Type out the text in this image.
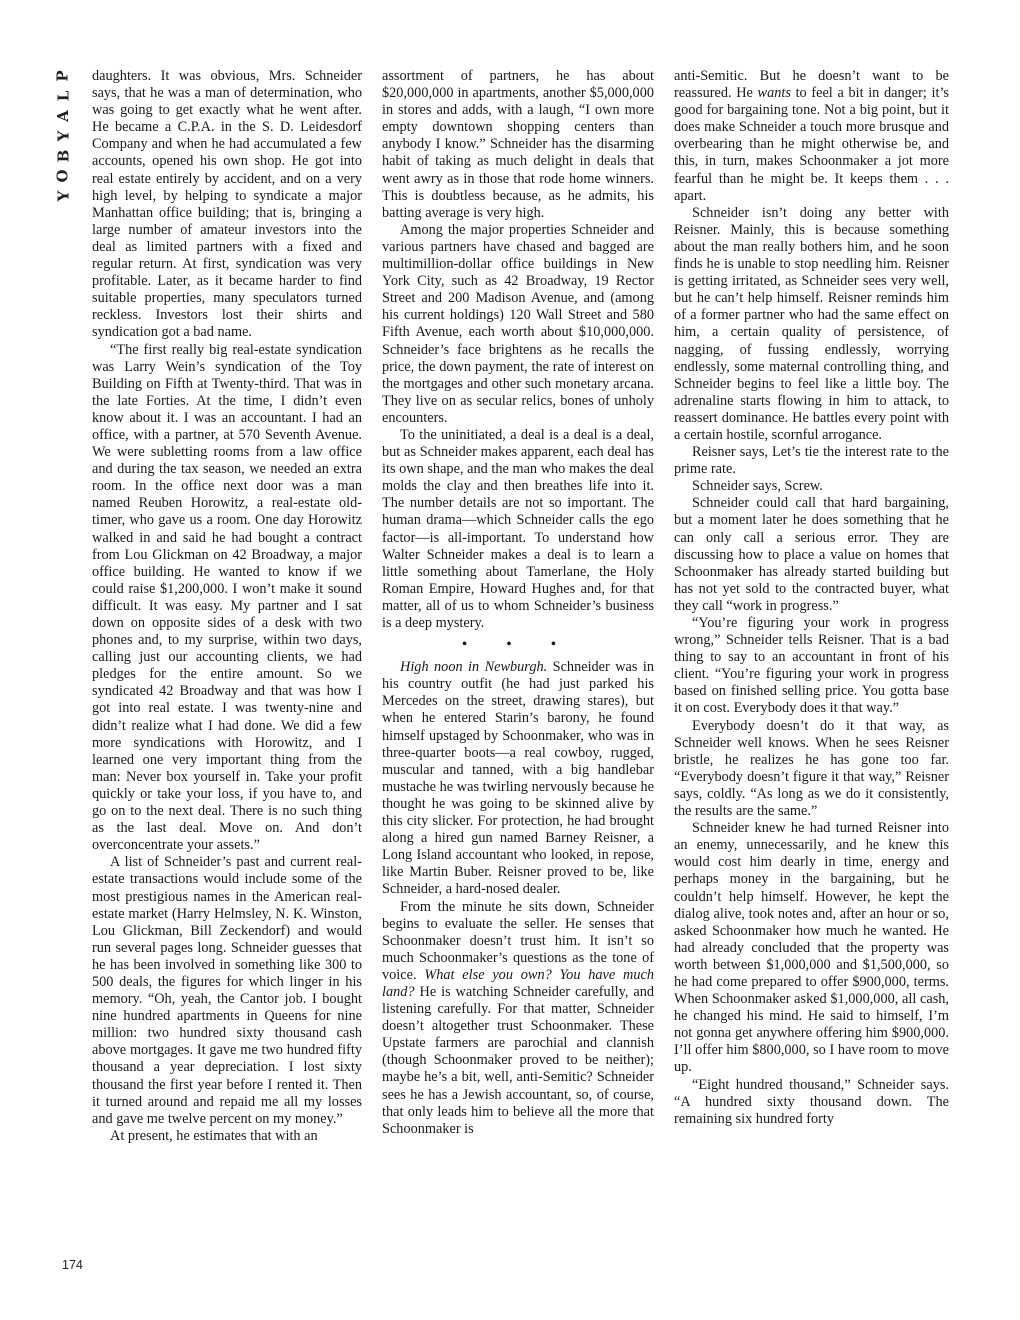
P
L
A
Y
B
O
Y

daughters. It was obvious, Mrs. Schneider says, that he was a man of determination, who was going to get exactly what he went after. He became a C.P.A. in the S. D. Leidesdorf Company and when he had accumulated a few accounts, opened his own shop. He got into real estate entirely by accident, and on a very high level, by helping to syndicate a major Manhattan office building; that is, bringing a large number of amateur investors into the deal as limited partners with a fixed and regular return. At first, syndication was very profitable. Later, as it became harder to find suitable properties, many speculators turned reckless. Investors lost their shirts and syndication got a bad name.

“The first really big real-estate syndication was Larry Wein’s syndication of the Toy Building on Fifth at Twenty-third. That was in the late Forties. At the time, I didn’t even know about it. I was an accountant. I had an office, with a partner, at 570 Seventh Avenue. We were subletting rooms from a law office and during the tax season, we needed an extra room. In the office next door was a man named Reuben Horowitz, a real-estate old-timer, who gave us a room. One day Horowitz walked in and said he had bought a contract from Lou Glickman on 42 Broadway, a major office building. He wanted to know if we could raise $1,200,000. I won’t make it sound difficult. It was easy. My partner and I sat down on opposite sides of a desk with two phones and, to my surprise, within two days, calling just our accounting clients, we had pledges for the entire amount. So we syndicated 42 Broadway and that was how I got into real estate. I was twenty-nine and didn’t realize what I had done. We did a few more syndications with Horowitz, and I learned one very important thing from the man: Never box yourself in. Take your profit quickly or take your loss, if you have to, and go on to the next deal. There is no such thing as the last deal. Move on. And don’t overconcentrate your assets.”

A list of Schneider’s past and current real-estate transactions would include some of the most prestigious names in the American real-estate market (Harry Helmsley, N. K. Winston, Lou Glickman, Bill Zeckendorf) and would run several pages long. Schneider guesses that he has been involved in something like 300 to 500 deals, the figures for which linger in his memory. “Oh, yeah, the Cantor job. I bought nine hundred apartments in Queens for nine million: two hundred sixty thousand cash above mortgages. It gave me two hundred fifty thousand a year depreciation. I lost sixty thousand the first year before I rented it. Then it turned around and repaid me all my losses and gave me twelve percent on my money.”

At present, he estimates that with an

assortment of partners, he has about $20,000,000 in apartments, another $5,000,000 in stores and adds, with a laugh, “I own more empty downtown shopping centers than anybody I know.” Schneider has the disarming habit of taking as much delight in deals that went awry as in those that rode home winners. This is doubtless because, as he admits, his batting average is very high.

Among the major properties Schneider and various partners have chased and bagged are multimillion-dollar office buildings in New York City, such as 42 Broadway, 19 Rector Street and 200 Madison Avenue, and (among his current holdings) 120 Wall Street and 580 Fifth Avenue, each worth about $10,000,000. Schneider’s face brightens as he recalls the price, the down payment, the rate of interest on the mortgages and other such monetary arcana. They live on as secular relics, bones of unholy encounters.

To the uninitiated, a deal is a deal is a deal, but as Schneider makes apparent, each deal has its own shape, and the man who makes the deal molds the clay and then breathes life into it. The number details are not so important. The human drama—which Schneider calls the ego factor—is all-important. To understand how Walter Schneider makes a deal is to learn a little something about Tamerlane, the Holy Roman Empire, Howard Hughes and, for that matter, all of us to whom Schneider’s business is a deep mystery.

• • •

High noon in Newburgh. Schneider was in his country outfit (he had just parked his Mercedes on the street, drawing stares), but when he entered Starin’s barony, he found himself upstaged by Schoonmaker, who was in three-quarter boots—a real cowboy, rugged, muscular and tanned, with a big handlebar mustache he was twirling nervously because he thought he was going to be skinned alive by this city slicker. For protection, he had brought along a hired gun named Barney Reisner, a Long Island accountant who looked, in repose, like Martin Buber. Reisner proved to be, like Schneider, a hard-nosed dealer.

From the minute he sits down, Schneider begins to evaluate the seller. He senses that Schoonmaker doesn’t trust him. It isn’t so much Schoonmaker’s questions as the tone of voice. What else you own? You have much land? He is watching Schneider carefully, and listening carefully. For that matter, Schneider doesn’t altogether trust Schoonmaker. These Upstate farmers are parochial and clannish (though Schoonmaker proved to be neither); maybe he’s a bit, well, anti-Semitic? Schneider sees he has a Jewish accountant, so, of course, that only leads him to believe all the more that Schoonmaker is

anti-Semitic. But he doesn’t want to be reassured. He wants to feel a bit in danger; it’s good for bargaining tone. Not a big point, but it does make Schneider a touch more brusque and overbearing than he might otherwise be, and this, in turn, makes Schoonmaker a jot more fearful than he might be. It keeps them . . . apart.

Schneider isn’t doing any better with Reisner. Mainly, this is because something about the man really bothers him, and he soon finds he is unable to stop needling him. Reisner is getting irritated, as Schneider sees very well, but he can’t help himself. Reisner reminds him of a former partner who had the same effect on him, a certain quality of persistence, of nagging, of fussing endlessly, worrying endlessly, some maternal controlling thing, and Schneider begins to feel like a little boy. The adrenaline starts flowing in him to attack, to reassert dominance. He battles every point with a certain hostile, scornful arrogance.

Reisner says, Let’s tie the interest rate to the prime rate.

Schneider says, Screw.

Schneider could call that hard bargaining, but a moment later he does something that he can only call a serious error. They are discussing how to place a value on homes that Schoonmaker has already started building but has not yet sold to the contracted buyer, what they call “work in progress.”

“You’re figuring your work in progress wrong,” Schneider tells Reisner. That is a bad thing to say to an accountant in front of his client. “You’re figuring your work in progress based on finished selling price. You gotta base it on cost. Everybody does it that way.”

Everybody doesn’t do it that way, as Schneider well knows. When he sees Reisner bristle, he realizes he has gone too far. “Everybody doesn’t figure it that way,” Reisner says, coldly. “As long as we do it consistently, the results are the same.”

Schneider knew he had turned Reisner into an enemy, unnecessarily, and he knew this would cost him dearly in time, energy and perhaps money in the bargaining, but he couldn’t help himself. However, he kept the dialog alive, took notes and, after an hour or so, asked Schoonmaker how much he wanted. He had already concluded that the property was worth between $1,000,000 and $1,500,000, so he had come prepared to offer $900,000, terms. When Schoonmaker asked $1,000,000, all cash, he changed his mind. He said to himself, I’m not gonna get anywhere offering him $900,000. I’ll offer him $800,000, so I have room to move up.

“Eight hundred thousand,” Schneider says. “A hundred sixty thousand down. The remaining six hundred forty

174
